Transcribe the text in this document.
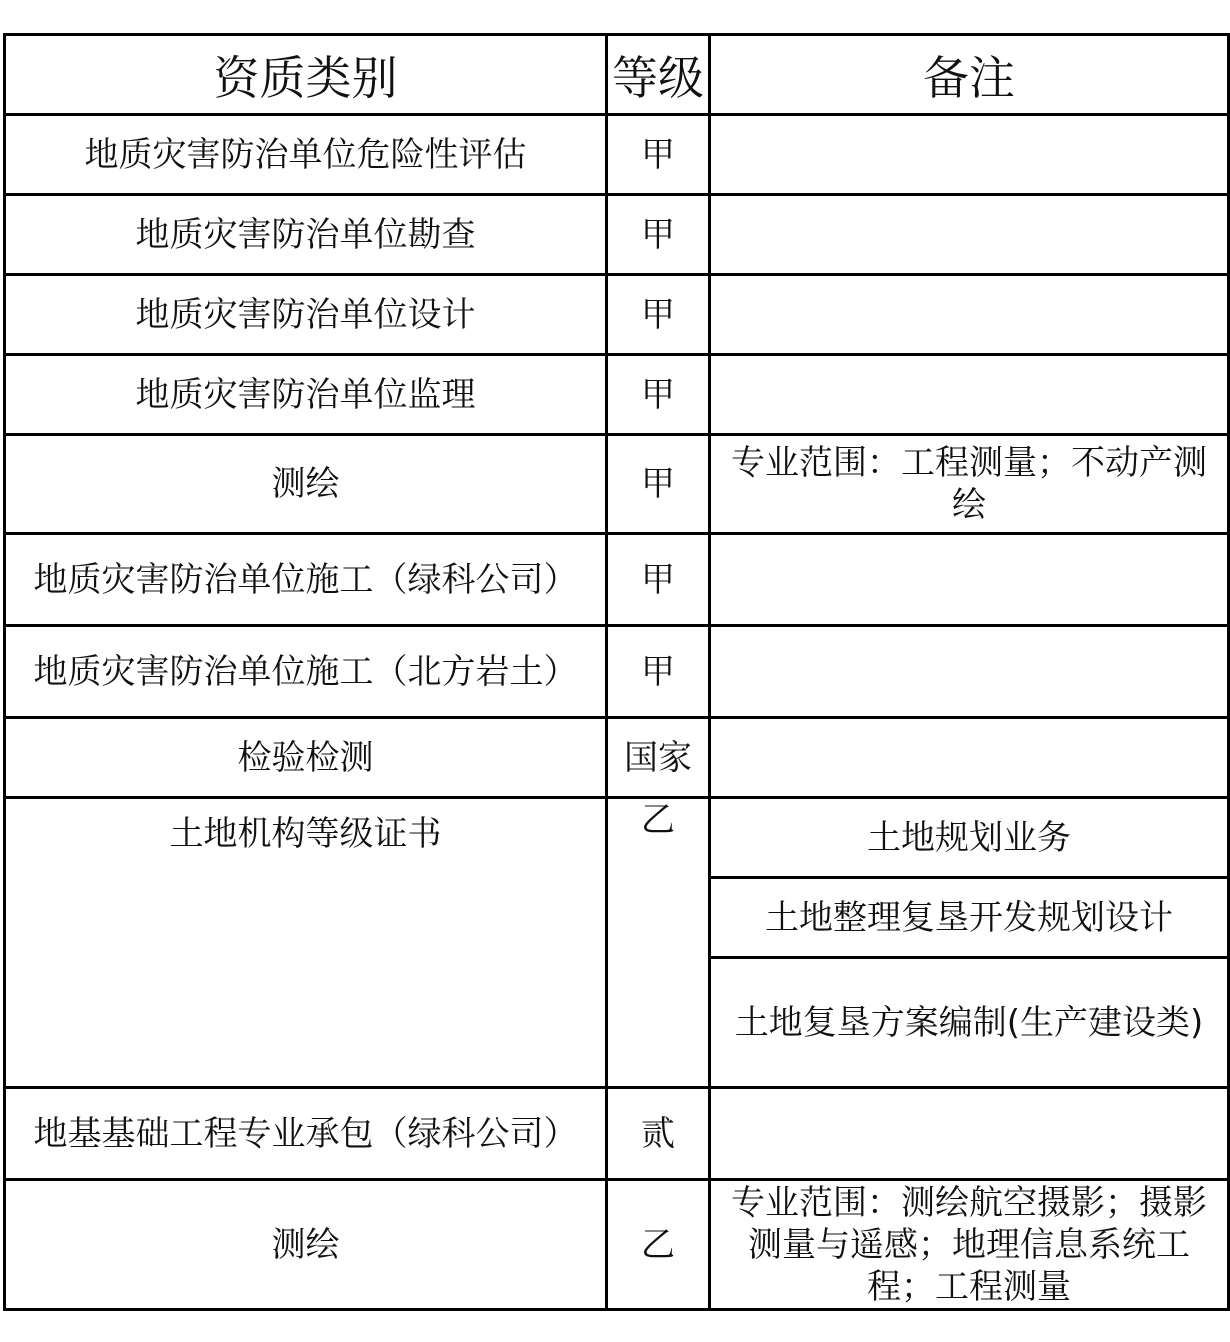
资质类别	等级	备注
地质灾害防治单位危险性评估	甲	
地质灾害防治单位勘查	甲	
地质灾害防治单位设计	甲	
地质灾害防治单位监理	甲	
测绘	甲	专业范围：工程测量；不动产测绘
地质灾害防治单位施工（绿科公司）	甲	
地质灾害防治单位施工（北方岩土）	甲	
检验检测	国家	
土地机构等级证书	乙	土地规划业务
		土地整理复垦开发规划设计
		土地复垦方案编制(生产建设类)
地基基础工程专业承包（绿科公司）	贰	
测绘	乙	专业范围：测绘航空摄影；摄影测量与遥感；地理信息系统工程；工程测量
